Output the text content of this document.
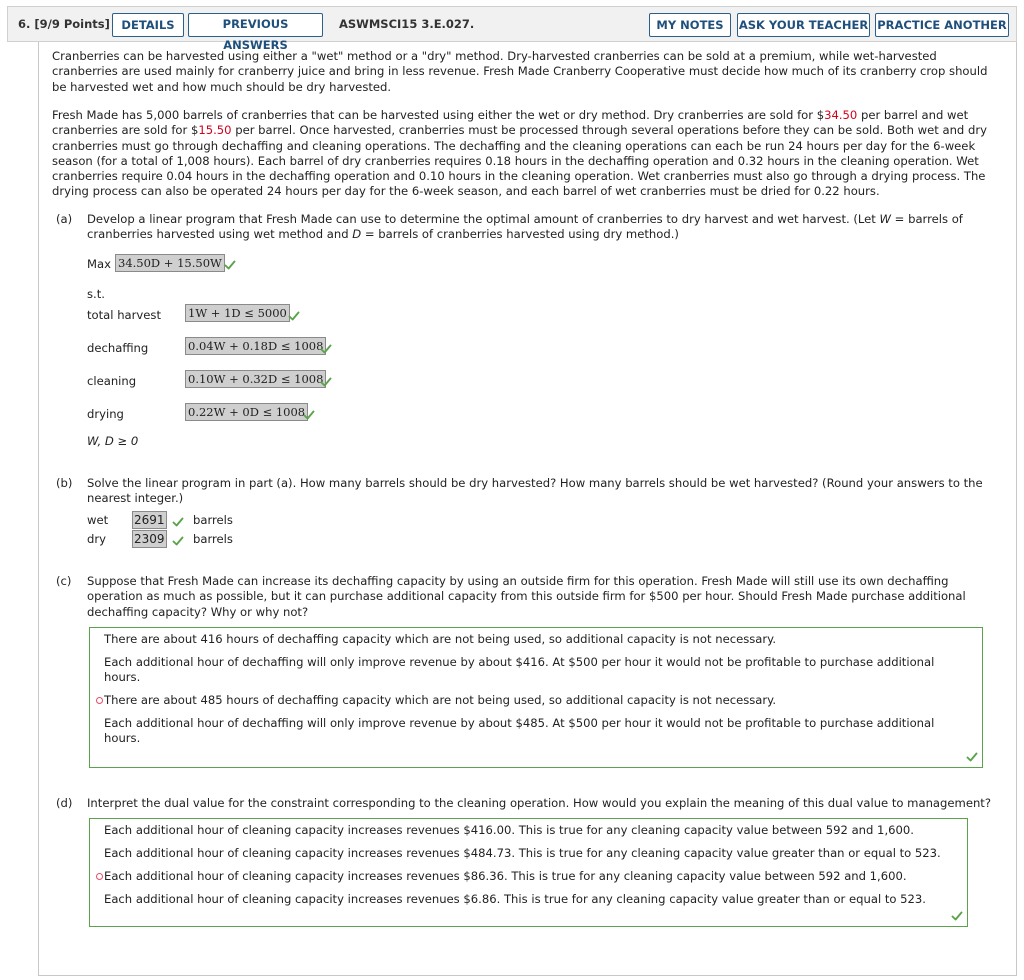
6. [9/9 Points]	DETAILS	PREVIOUS ANSWERS
ASWMSCI15 3.E.027.	MY NOTES	ASK YOUR TEACHER PRACTICE ANOTHER

Cranberries can be harvested using either a "wet" method or a "dry" method. Dry-harvested cranberries can be sold at a premium, while wet-harvested cranberries are used mainly for cranberry juice and bring in less revenue. Fresh Made Cranberry Cooperative must decide how much of its cranberry crop should be harvested wet and how much should be dry harvested.

Fresh Made has 5,000 barrels of cranberries that can be harvested using either the wet or dry method. Dry cranberries are sold for $34.50 per barrel and wet cranberries are sold for $15.50 per barrel. Once harvested, cranberries must be processed through several operations before they can be sold. Both wet and dry cranberries must go through dechaffing and cleaning operations. The dechaffing and the cleaning operations can each be run 24 hours per day for the 6-week season (for a total of 1,008 hours). Each barrel of dry cranberries requires 0.18 hours in the dechaffing operation and 0.32 hours in the cleaning operation. Wet cranberries require 0.04 hours in the dechaffing operation and 0.10 hours in the cleaning operation. Wet cranberries must also go through a drying process. The drying process can also be operated 24 hours per day for the 6-week season, and each barrel of wet cranberries must be dried for 0.22 hours.

(a) Develop a linear program that Fresh Made can use to determine the optimal amount of cranberries to dry harvest and wet harvest. (Let W = barrels of cranberries harvested using wet method and D = barrels of cranberries harvested using dry method.)

Max 34.50D + 15.50W
s.t.
total harvest 1W + 1D ≤ 5000
dechaffing	0.04W + 0.18D ≤ 1008
cleaning	0.10W + 0.32D ≤ 1008
drying	0.22W + 0D ≤ 1008
W, D ≥ 0
(b) Solve the linear program in part (a). How many barrels should be dry harvested? How many barrels should be wet harvested? (Round your answers to the nearest integer.)

wet 2691 barrels
dry 2309 barrels
(c) Suppose that Fresh Made can increase its dechaffing capacity by using an outside firm for this operation. Fresh Made will still use its own dechaffing operation as much as possible, but it can purchase additional capacity from this outside firm for $500 per hour. Should Fresh Made purchase additional dechaffing capacity? Why or why not?

There are about 416 hours of dechaffing capacity which are not being used, so additional capacity is not necessary.
Each additional hour of dechaffing will only improve revenue by about $416. At $500 per hour it would not be profitable to purchase additional hours.
There are about 485 hours of dechaffing capacity which are not being used, so additional capacity is not necessary.
Each additional hour of dechaffing will only improve revenue by about $485. At $500 per hour it would not be profitable to purchase additional hours.
(d) Interpret the dual value for the constraint corresponding to the cleaning operation. How would you explain the meaning of this dual value to management?

Each additional hour of cleaning capacity increases revenues $416.00. This is true for any cleaning capacity value between 592 and 1,600.
Each additional hour of cleaning capacity increases revenues $484.73. This is true for any cleaning capacity value greater than or equal to 523.
Each additional hour of cleaning capacity increases revenues $86.36. This is true for any cleaning capacity value between 592 and 1,600.
Each additional hour of cleaning capacity increases revenues $6.86. This is true for any cleaning capacity value greater than or equal to 523.
